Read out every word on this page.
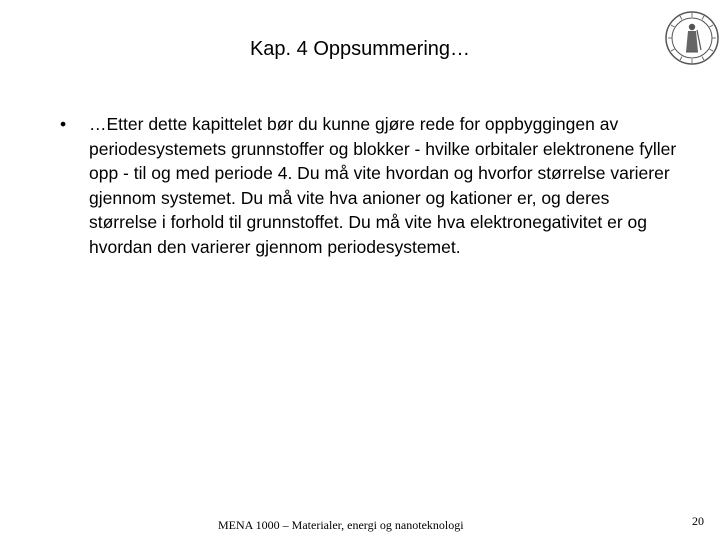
Kap. 4 Oppsummering…
• …Etter dette kapittelet bør du kunne gjøre rede for oppbyggingen av periodesystemets grunnstoffer og blokker - hvilke orbitaler elektronene fyller opp - til og med periode 4. Du må vite hvordan og hvorfor størrelse varierer gjennom systemet. Du må vite hva anioner og kationer er, og deres størrelse i forhold til grunnstoffet. Du må vite hva elektronegativitet er og hvordan den varierer gjennom periodesystemet.
MENA 1000 – Materialer, energi og nanoteknologi	20
